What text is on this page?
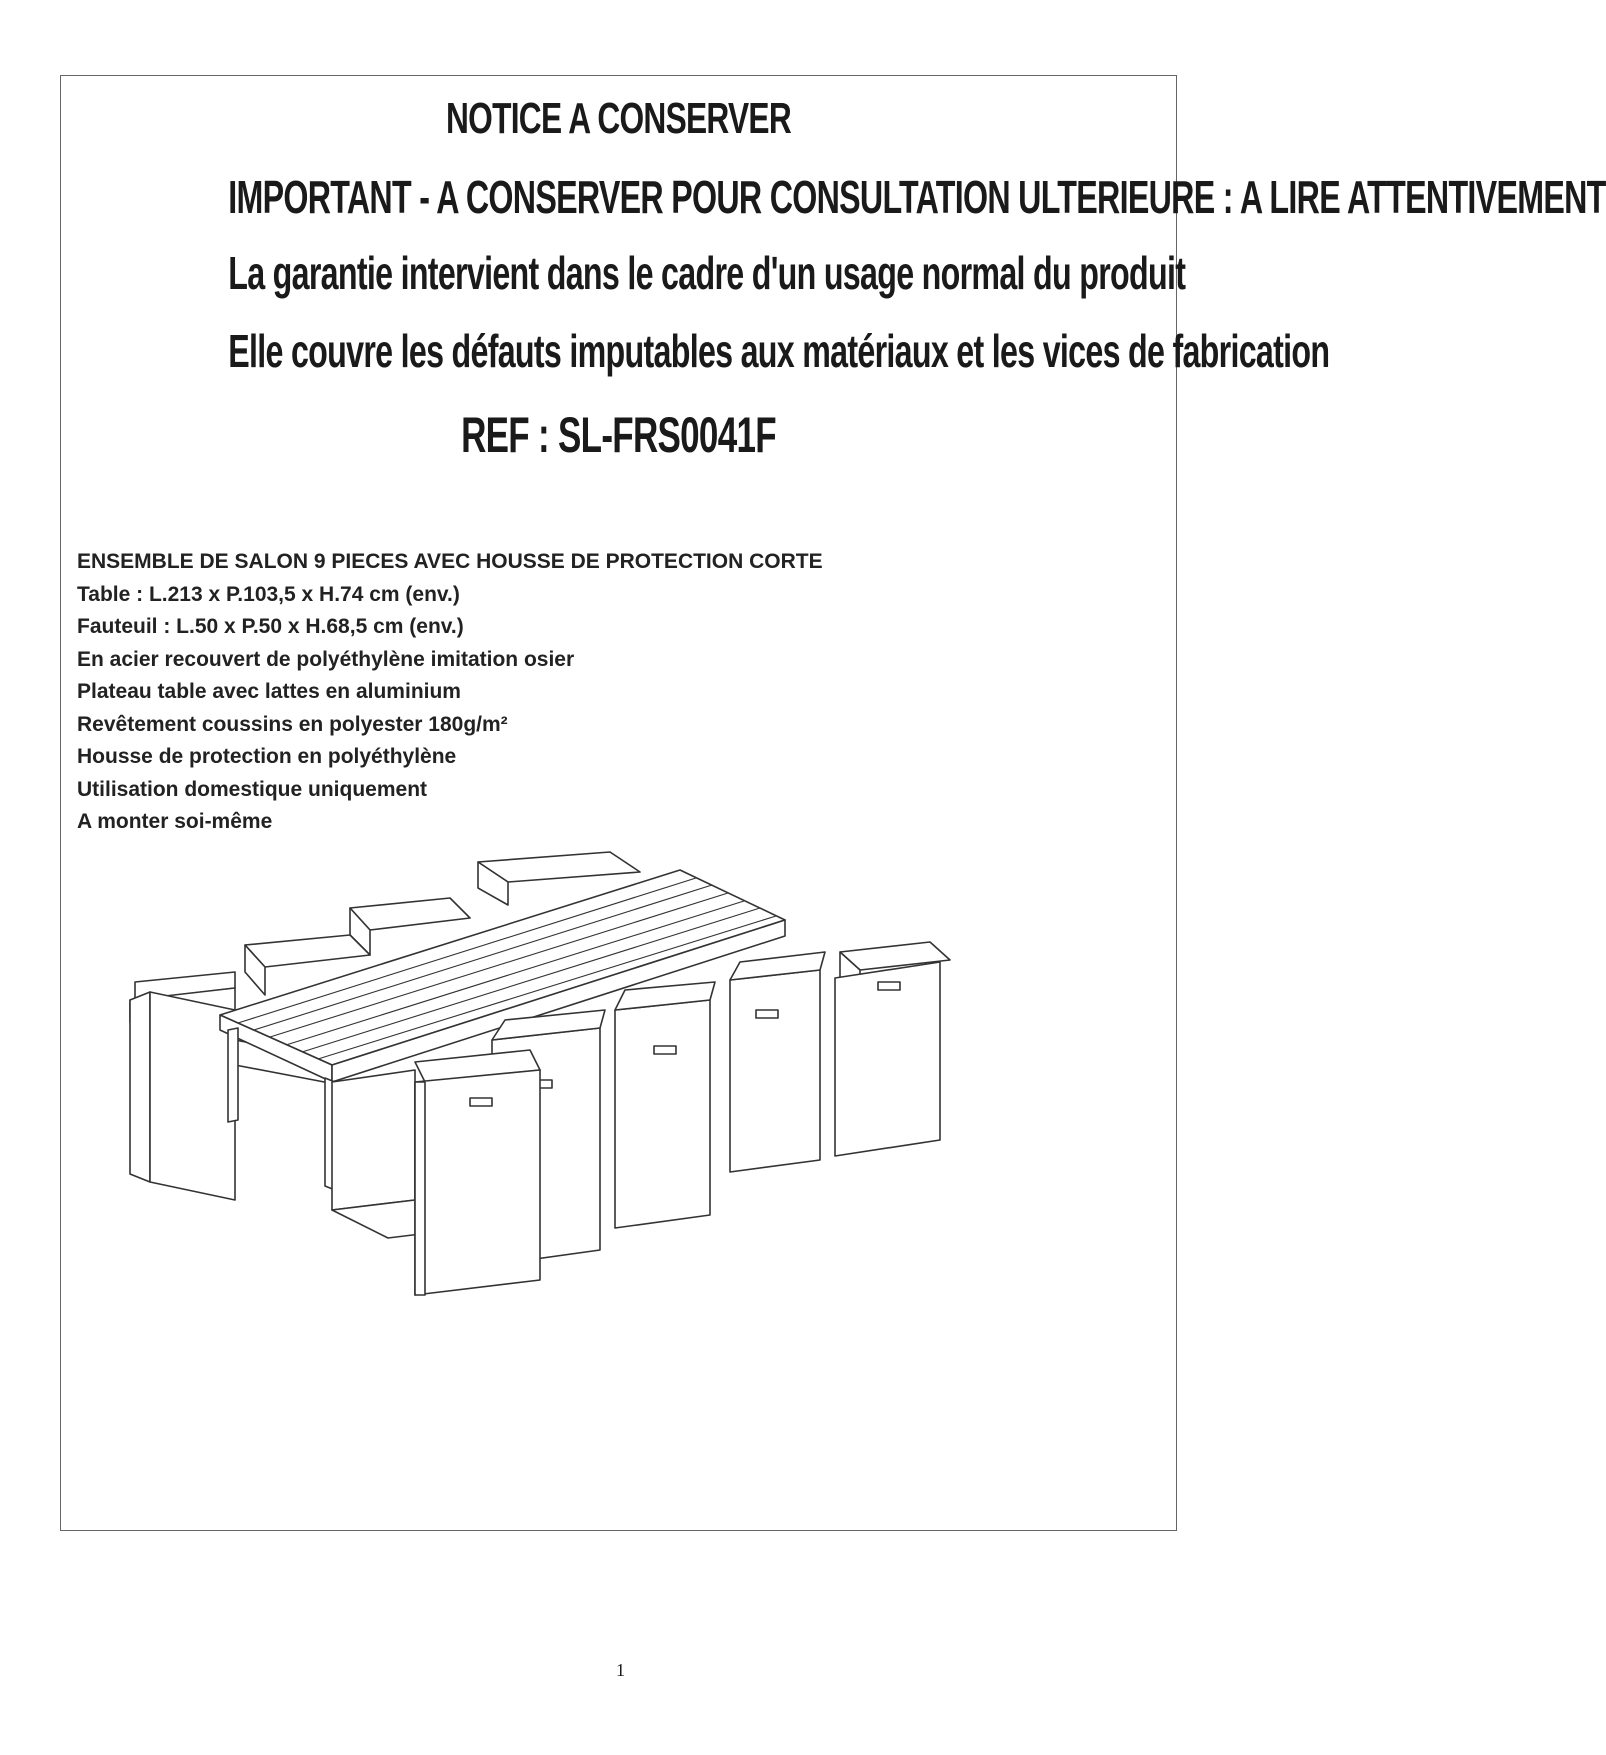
NOTICE A CONSERVER
IMPORTANT - A CONSERVER POUR CONSULTATION ULTERIEURE : A LIRE ATTENTIVEMENT
La garantie intervient dans le cadre d'un usage normal du produit
Elle couvre les défauts imputables aux matériaux et les vices de fabrication
REF : SL-FRS0041F
ENSEMBLE DE SALON 9 PIECES AVEC HOUSSE DE PROTECTION CORTE
Table : L.213 x P.103,5 x H.74 cm (env.)
Fauteuil : L.50 x P.50 x H.68,5 cm (env.)
En acier recouvert de polyéthylène imitation osier
Plateau table avec lattes en aluminium
Revêtement coussins en polyester 180g/m²
Housse de protection en polyéthylène
Utilisation domestique uniquement
A monter soi-même
1
